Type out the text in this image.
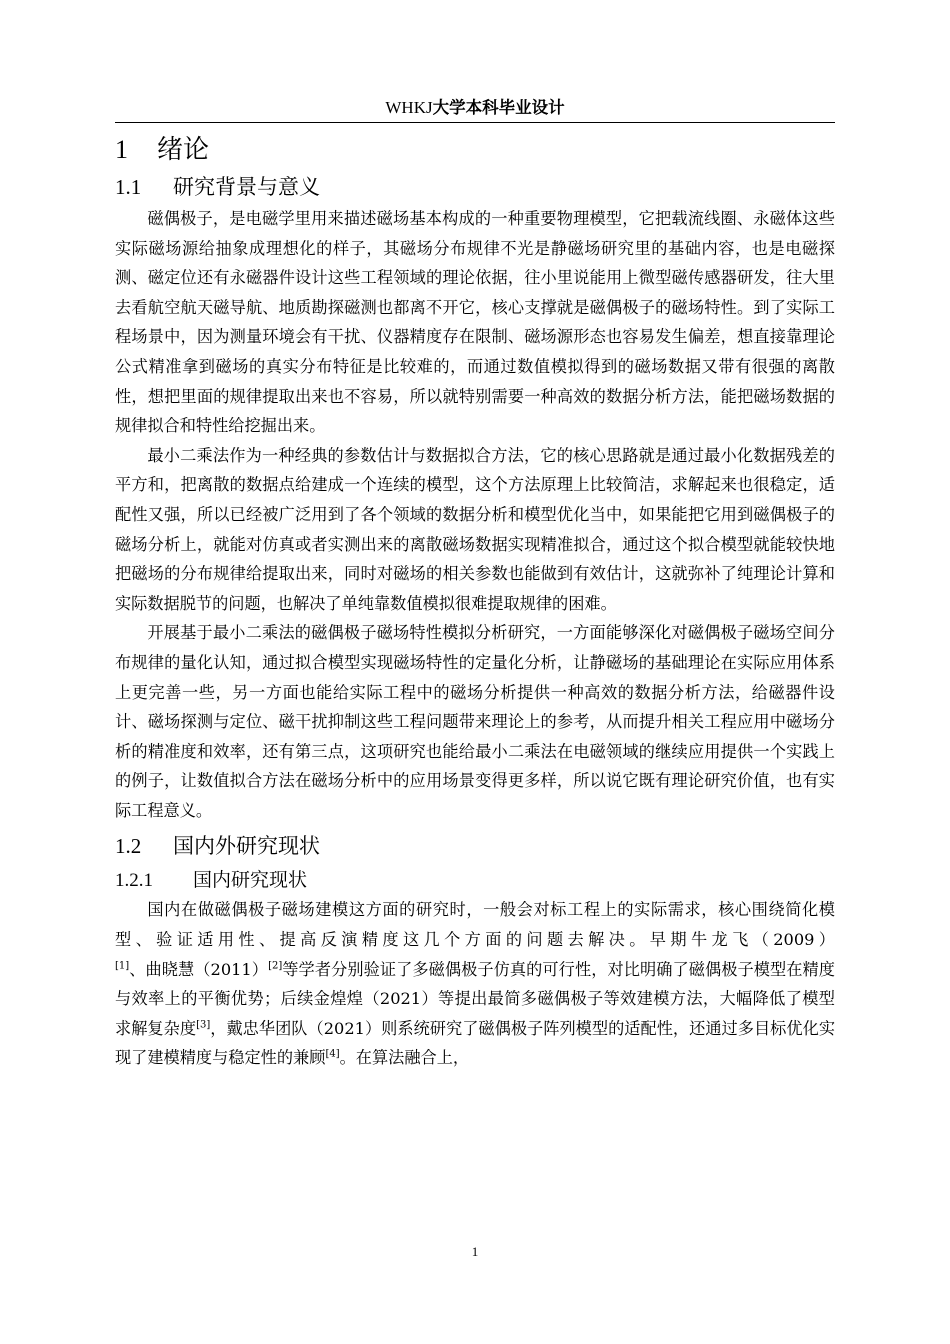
WHKJ大学本科毕业设计
1 绪论
1.1 研究背景与意义

磁偶极子，是电磁学里用来描述磁场基本构成的一种重要物理模型，它把载流线圈、永磁体这些实际磁场源给抽象成理想化的样子，其磁场分布规律不光是静磁场研究里的基础内容，也是电磁探测、磁定位还有永磁器件设计这些工程领域的理论依据，往小里说能用上微型磁传感器研发，往大里去看航空航天磁导航、地质勘探磁测也都离不开它，核心支撑就是磁偶极子的磁场特性。到了实际工程场景中，因为测量环境会有干扰、仪器精度存在限制、磁场源形态也容易发生偏差，想直接靠理论公式精准拿到磁场的真实分布特征是比较难的，而通过数值模拟得到的磁场数据又带有很强的离散性，想把里面的规律提取出来也不容易，所以就特别需要一种高效的数据分析方法，能把磁场数据的规律拟合和特性给挖掘出来。

最小二乘法作为一种经典的参数估计与数据拟合方法，它的核心思路就是通过最小化数据残差的平方和，把离散的数据点给建成一个连续的模型，这个方法原理上比较简洁，求解起来也很稳定，适配性又强，所以已经被广泛用到了各个领域的数据分析和模型优化当中，如果能把它用到磁偶极子的磁场分析上，就能对仿真或者实测出来的离散磁场数据实现精准拟合，通过这个拟合模型就能较快地把磁场的分布规律给提取出来，同时对磁场的相关参数也能做到有效估计，这就弥补了纯理论计算和实际数据脱节的问题，也解决了单纯靠数值模拟很难提取规律的困难。

开展基于最小二乘法的磁偶极子磁场特性模拟分析研究，一方面能够深化对磁偶极子磁场空间分布规律的量化认知，通过拟合模型实现磁场特性的定量化分析，让静磁场的基础理论在实际应用体系上更完善一些，另一方面也能给实际工程中的磁场分析提供一种高效的数据分析方法，给磁器件设计、磁场探测与定位、磁干扰抑制这些工程问题带来理论上的参考，从而提升相关工程应用中磁场分析的精准度和效率，还有第三点，这项研究也能给最小二乘法在电磁领域的继续应用提供一个实践上的例子，让数值拟合方法在磁场分析中的应用场景变得更多样，所以说它既有理论研究价值，也有实际工程意义。

1.2 国内外研究现状
1.2.1 国内研究现状

国内在做磁偶极子磁场建模这方面的研究时，一般会对标工程上的实际需求，核心围绕简化模型、验证适用性、提高反演精度这几个方面的问题去解决。早期牛龙飞（2009）[1]、曲晓慧（2011）[2]等学者分别验证了多磁偶极子仿真的可行性，对比明确了磁偶极子模型在精度与效率上的平衡优势；后续金煌煌（2021）等提出最简多磁偶极子等效建模方法，大幅降低了模型求解复杂度[3]，戴忠华团队（2021）则系统研究了磁偶极子阵列模型的适配性，还通过多目标优化实现了建模精度与稳定性的兼顾[4]。在算法融合上，

1
